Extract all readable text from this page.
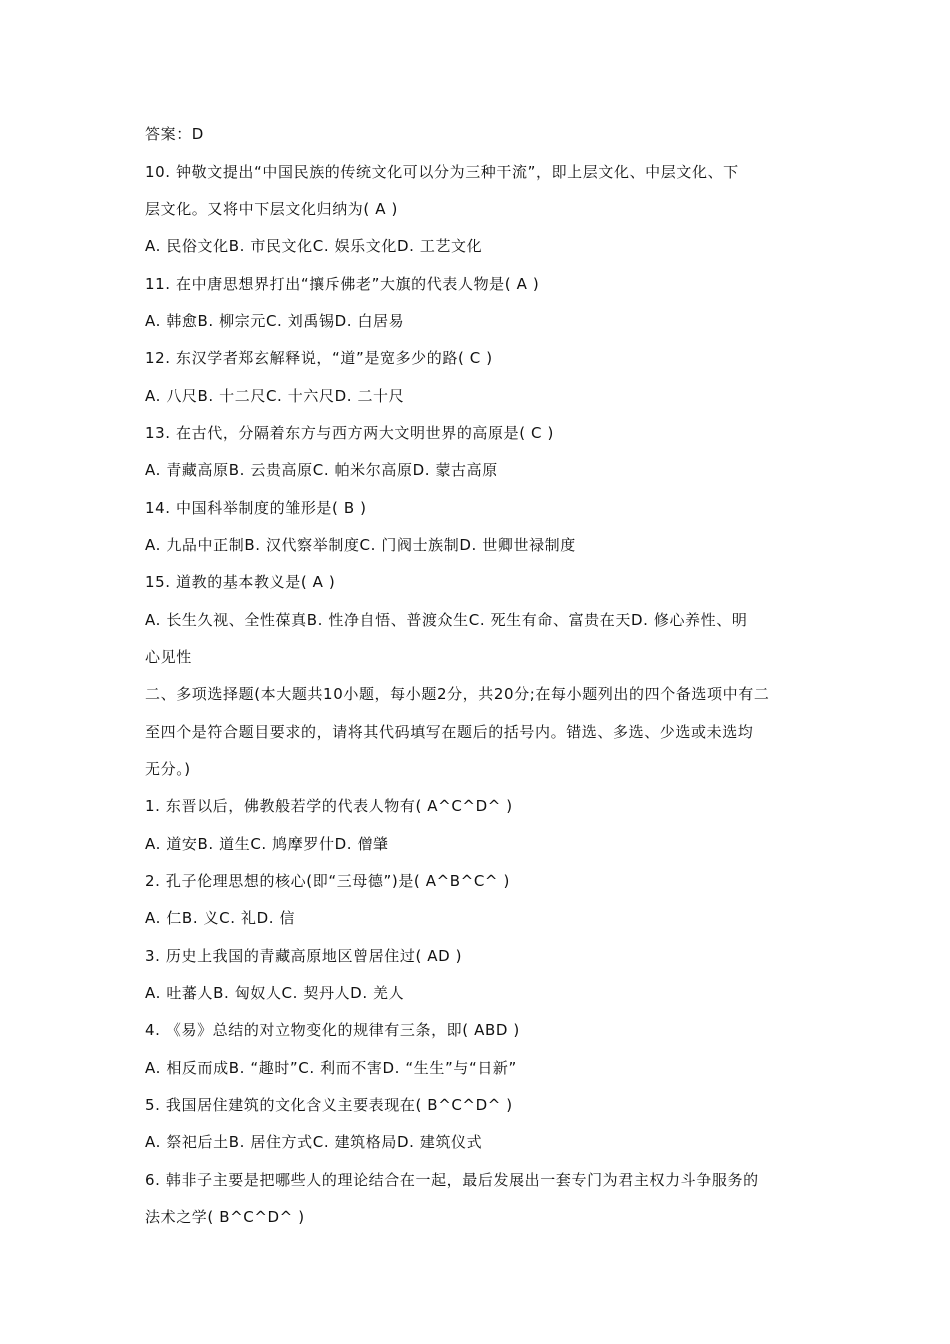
答案：D
10. 钟敬文提出“中国民族的传统文化可以分为三种干流”，即上层文化、中层文化、下
层文化。又将中下层文化归纳为( A )
A. 民俗文化B. 市民文化C. 娱乐文化D. 工艺文化
11. 在中唐思想界打出“攘斥佛老”大旗的代表人物是( A )
A. 韩愈B. 柳宗元C. 刘禹锡D. 白居易
12. 东汉学者郑玄解释说，“道”是宽多少的路( C )
A. 八尺B. 十二尺C. 十六尺D. 二十尺
13. 在古代，分隔着东方与西方两大文明世界的高原是( C )
A. 青藏高原B. 云贵高原C. 帕米尔高原D. 蒙古高原
14. 中国科举制度的雏形是( B )
A. 九品中正制B. 汉代察举制度C. 门阀士族制D. 世卿世禄制度
15. 道教的基本教义是( A )
A. 长生久视、全性葆真B. 性净自悟、普渡众生C. 死生有命、富贵在天D. 修心养性、明
心见性
二、多项选择题(本大题共10小题，每小题2分，共20分;在每小题列出的四个备选项中有二
至四个是符合题目要求的，请将其代码填写在题后的括号内。错选、多选、少选或未选均
无分。)
1. 东晋以后，佛教般若学的代表人物有( A^C^D^ )
A. 道安B. 道生C. 鸠摩罗什D. 僧肇
2. 孔子伦理思想的核心(即“三母德”)是( A^B^C^ )
A. 仁B. 义C. 礼D. 信
3. 历史上我国的青藏高原地区曾居住过( AD )
A. 吐蕃人B. 匈奴人C. 契丹人D. 羌人
4. 《易》总结的对立物变化的规律有三条，即( ABD )
A. 相反而成B. “趣时”C. 利而不害D. “生生”与“日新”
5. 我国居住建筑的文化含义主要表现在( B^C^D^ )
A. 祭祀后土B. 居住方式C. 建筑格局D. 建筑仪式
6. 韩非子主要是把哪些人的理论结合在一起，最后发展出一套专门为君主权力斗争服务的
法术之学( B^C^D^ )
